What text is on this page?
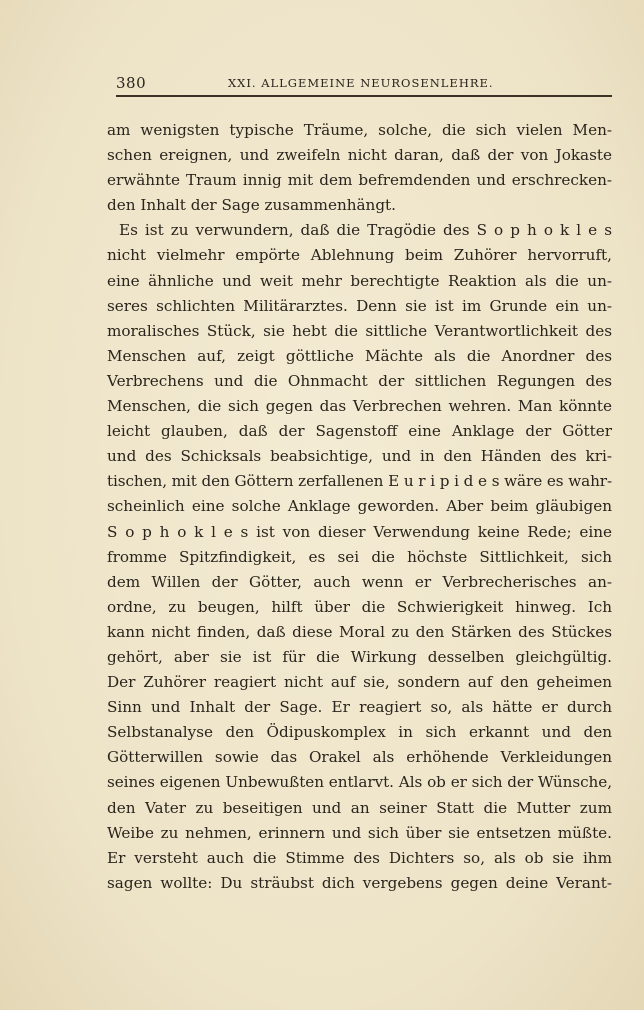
380	XXI. ALLGEMEINE NEUROSENLEHRE.
am wenigsten typische Träume, solche, die sich vielen Men-
schen ereignen, und zweifeln nicht daran, daß der von Jokaste
erwähnte Traum innig mit dem befremdenden und erschrecken-
den Inhalt der Sage zusammenhängt.
Es ist zu verwundern, daß die Tragödie des S o p h o k l e s
nicht vielmehr empörte Ablehnung beim Zuhörer hervorruft,
eine ähnliche und weit mehr berechtigte Reaktion als die un-
seres schlichten Militärarztes. Denn sie ist im Grunde ein un-
moralisches Stück, sie hebt die sittliche Verantwortlichkeit des
Menschen auf, zeigt göttliche Mächte als die Anordner des
Verbrechens und die Ohnmacht der sittlichen Regungen des
Menschen, die sich gegen das Verbrechen wehren. Man könnte
leicht glauben, daß der Sagenstoff eine Anklage der Götter
und des Schicksals beabsichtige, und in den Händen des kri-
tischen, mit den Göttern zerfallenen E u r i p i d e s wäre es wahr-
scheinlich eine solche Anklage geworden. Aber beim gläubigen
S o p h o k l e s ist von dieser Verwendung keine Rede; eine
fromme Spitzfindigkeit, es sei die höchste Sittlichkeit, sich
dem Willen der Götter, auch wenn er Verbrecherisches an-
ordne, zu beugen, hilft über die Schwierigkeit hinweg. Ich
kann nicht finden, daß diese Moral zu den Stärken des Stückes
gehört, aber sie ist für die Wirkung desselben gleichgültig.
Der Zuhörer reagiert nicht auf sie, sondern auf den geheimen
Sinn und Inhalt der Sage. Er reagiert so, als hätte er durch
Selbstanalyse den Ödipuskomplex in sich erkannt und den
Götterwillen sowie das Orakel als erhöhende Verkleidungen
seines eigenen Unbewußten entlarvt. Als ob er sich der Wünsche,
den Vater zu beseitigen und an seiner Statt die Mutter zum
Weibe zu nehmen, erinnern und sich über sie entsetzen müßte.
Er versteht auch die Stimme des Dichters so, als ob sie ihm
sagen wollte: Du sträubst dich vergebens gegen deine Verant-
